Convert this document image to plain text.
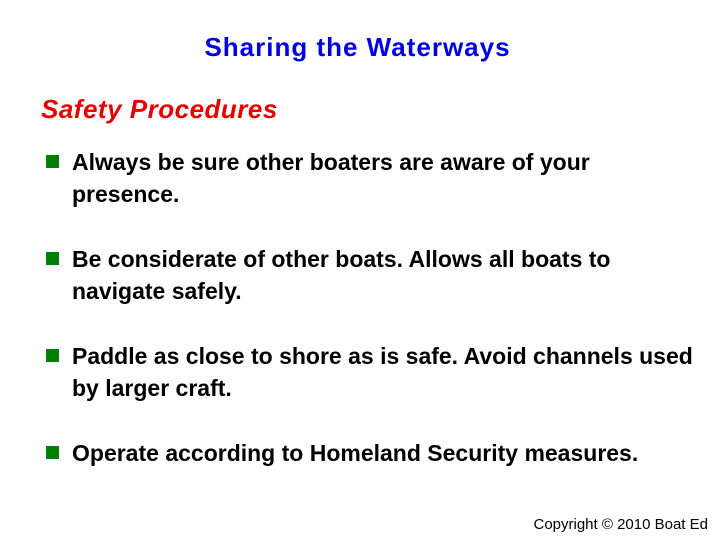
Sharing the Waterways
Safety Procedures
Always be sure other boaters are aware of your presence.
Be considerate of other boats. Allows all boats to navigate safely.
Paddle as close to shore as is safe. Avoid channels used by larger craft.
Operate according to Homeland Security measures.
Copyright © 2010 Boat Ed
